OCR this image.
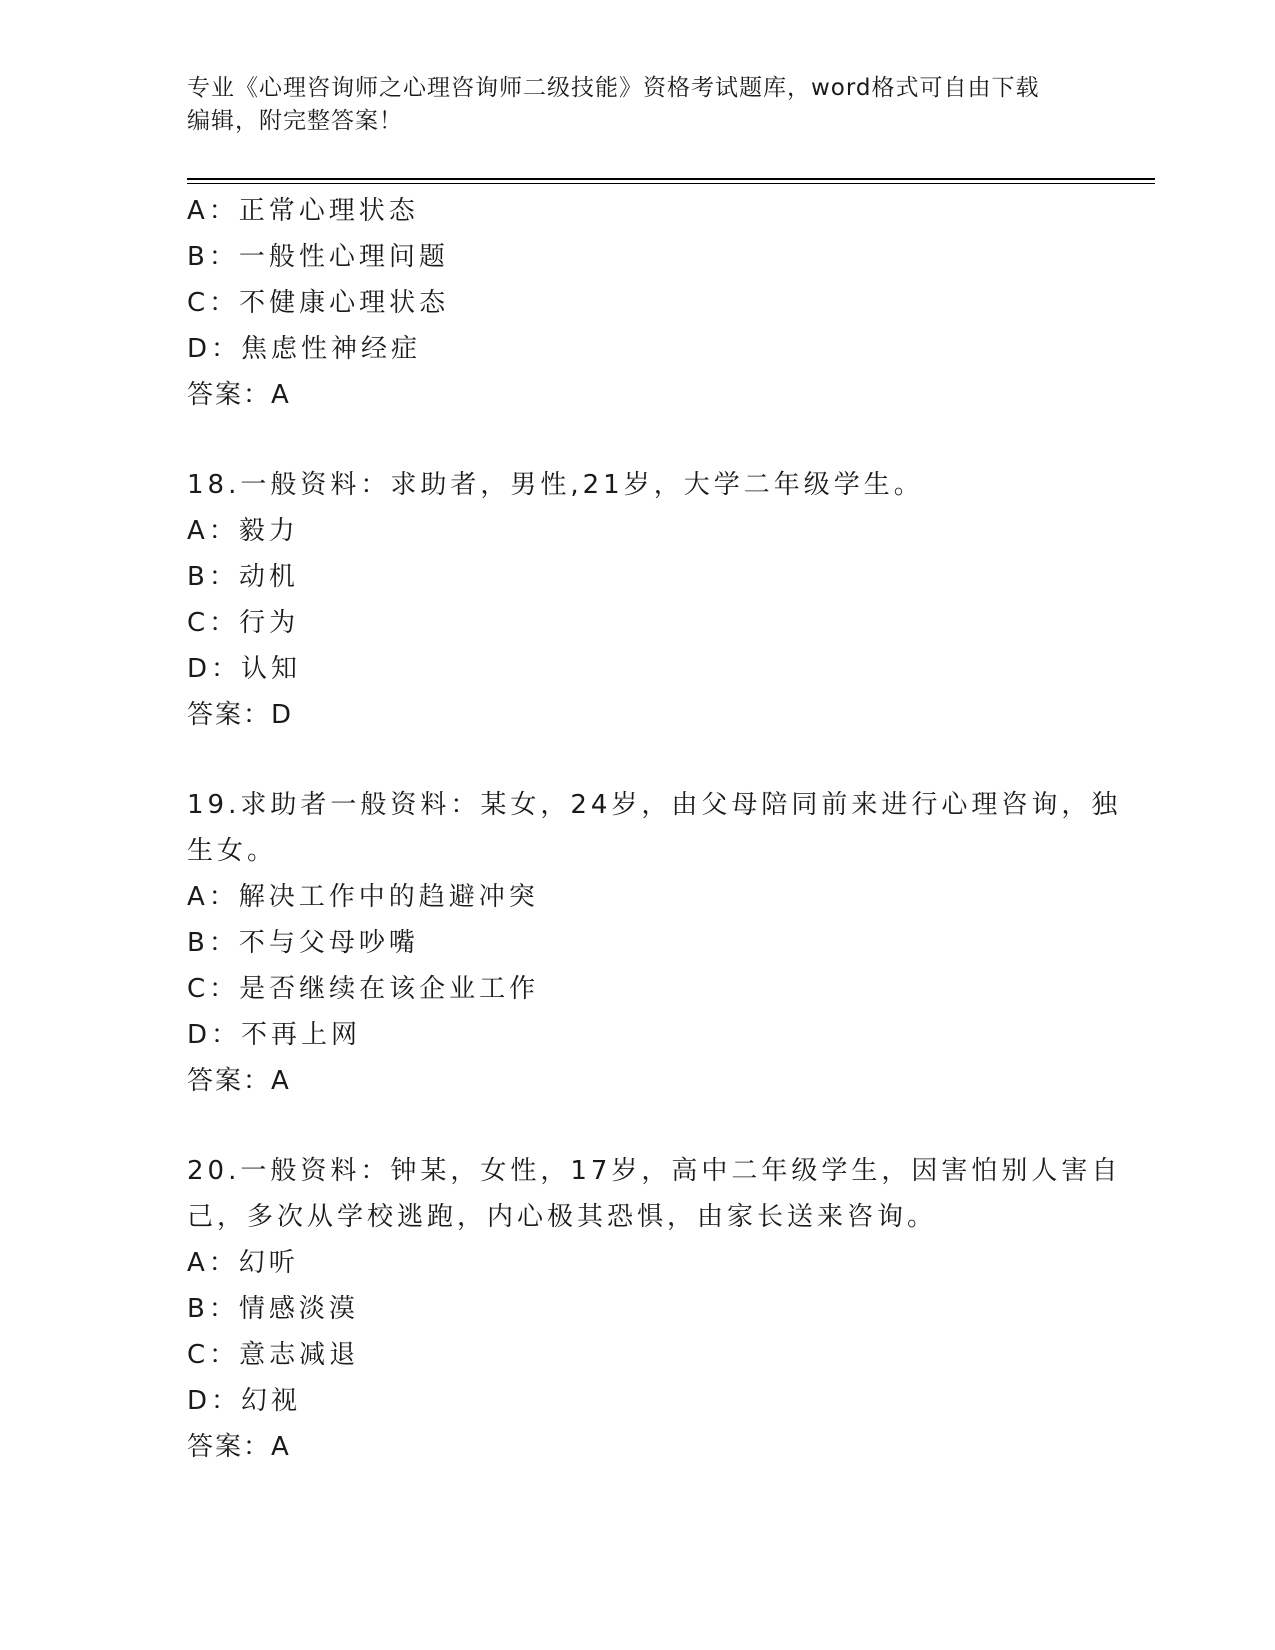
专业《心理咨询师之心理咨询师二级技能》资格考试题库，word格式可自由下载
编辑，附完整答案！
A：正常心理状态
B：一般性心理问题
C：不健康心理状态
D：焦虑性神经症
答案：A
18.一般资料：求助者，男性,21岁，大学二年级学生。
A：毅力
B：动机
C：行为
D：认知
答案：D
19.求助者一般资料：某女，24岁，由父母陪同前来进行心理咨询，独
生女。
A：解决工作中的趋避冲突
B：不与父母吵嘴
C：是否继续在该企业工作
D：不再上网
答案：A
20.一般资料：钟某，女性，17岁，高中二年级学生，因害怕别人害自
己，多次从学校逃跑，内心极其恐惧，由家长送来咨询。
A：幻听
B：情感淡漠
C：意志减退
D：幻视
答案：A
